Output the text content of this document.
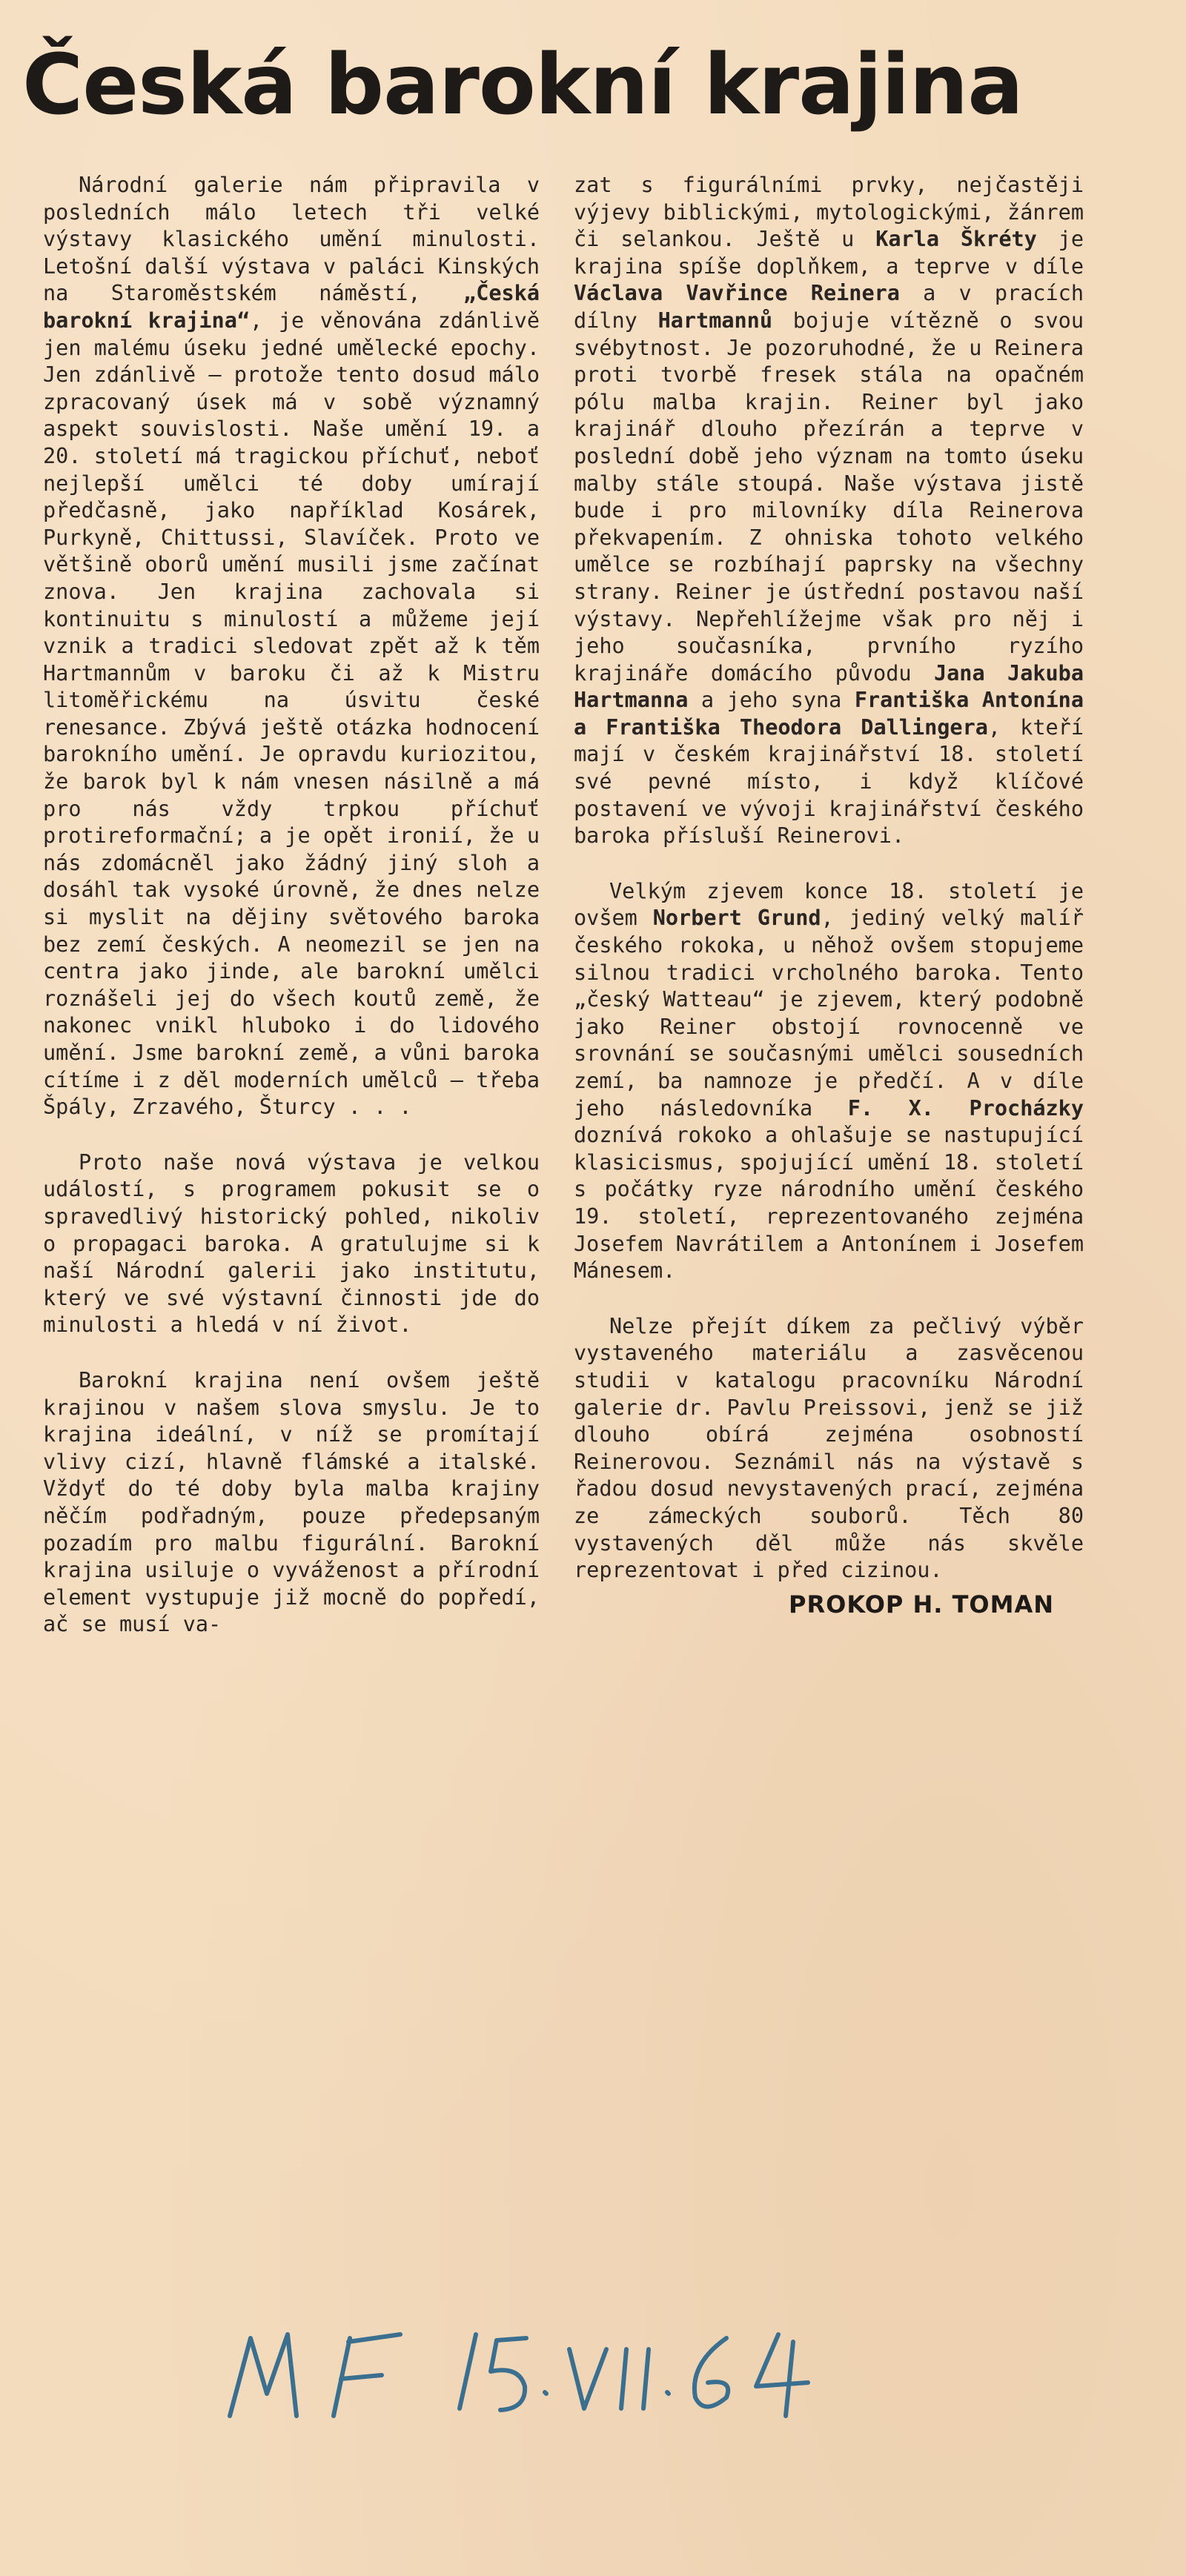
Česká barokní krajina

Národní galerie nám připravila v posledních málo letech tři velké výstavy klasického umění minulosti. Letošní další výstava v paláci Kinských na Staroměstském náměstí, „Česká barokní krajina“, je věnována zdánlivě jen malému úseku jedné umělecké epochy. Jen zdánlivě — protože tento dosud málo zpracovaný úsek má v sobě významný aspekt souvislosti. Naše umění 19. a 20. století má tragickou příchuť, neboť nejlepší umělci té doby umírají předčasně, jako například Kosárek, Purkyně, Chittussi, Slavíček. Proto ve většině oborů umění musili jsme začínat znova. Jen krajina zachovala si kontinuitu s minulostí a můžeme její vznik a tradici sledovat zpět až k těm Hartmannům v baroku či až k Mistru litoměřickému na úsvitu české renesance. Zbývá ještě otázka hodnocení barokního umění. Je opravdu kuriozitou, že barok byl k nám vnesen násilně a má pro nás vždy trpkou příchuť protireformační; a je opět ironií, že u nás zdomácněl jako žádný jiný sloh a dosáhl tak vysoké úrovně, že dnes nelze si myslit na dějiny světového baroka bez zemí českých. A neomezil se jen na centra jako jinde, ale barokní umělci roznášeli jej do všech koutů země, že nakonec vnikl hluboko i do lidového umění. Jsme barokní země, a vůni baroka cítíme i z děl moderních umělců — třeba Špály, Zrzavého, Šturcy . . .

Proto naše nová výstava je velkou událostí, s programem pokusit se o spravedlivý historický pohled, nikoliv o propagaci baroka. A gratulujme si k naší Národní galerii jako institutu, který ve své výstavní činnosti jde do minulosti a hledá v ní život.

Barokní krajina není ovšem ještě krajinou v našem slova smyslu. Je to krajina ideální, v níž se promítají vlivy cizí, hlavně flámské a italské. Vždyť do té doby byla malba krajiny něčím podřadným, pouze předepsaným pozadím pro malbu figurální. Barokní krajina usiluje o vyváženost a přírodní element vystupuje již mocně do popředí, ač se musí va-

zat s figurálními prvky, nejčastěji výjevy biblickými, mytologickými, žánrem či selankou. Ještě u Karla Škréty je krajina spíše doplňkem, a teprve v díle Václava Vavřince Reinera a v pracích dílny Hartmannů bojuje vítězně o svou svébytnost. Je pozoruhodné, že u Reinera proti tvorbě fresek stála na opačném pólu malba krajin. Reiner byl jako krajinář dlouho přezírán a teprve v poslední době jeho význam na tomto úseku malby stále stoupá. Naše výstava jistě bude i pro milovníky díla Reinerova překvapením. Z ohniska tohoto velkého umělce se rozbíhají paprsky na všechny strany. Reiner je ústřední postavou naší výstavy. Nepřehlížejme však pro něj i jeho současníka, prvního ryzího krajináře domácího původu Jana Jakuba Hartmanna a jeho syna Františka Antonína a Františka Theodora Dallingera, kteří mají v českém krajinářství 18. století své pevné místo, i když klíčové postavení ve vývoji krajinářství českého baroka přísluší Reinerovi.

Velkým zjevem konce 18. století je ovšem Norbert Grund, jediný velký malíř českého rokoka, u něhož ovšem stopujeme silnou tradici vrcholného baroka. Tento „český Watteau“ je zjevem, který podobně jako Reiner obstojí rovnocenně ve srovnání se současnými umělci sousedních zemí, ba namnoze je předčí. A v díle jeho následovníka F. X. Procházky doznívá rokoko a ohlašuje se nastupující klasicismus, spojující umění 18. století s počátky ryze národního umění českého 19. století, reprezentovaného zejména Josefem Navrátilem a Antonínem i Josefem Mánesem.

Nelze přejít díkem za pečlivý výběr vystaveného materiálu a zasvěcenou studii v katalogu pracovníku Národní galerie dr. Pavlu Preissovi, jenž se již dlouho obírá zejména osobností Reinerovou. Seznámil nás na výstavě s řadou dosud nevystavených prací, zejména ze zámeckých souborů. Těch 80 vystavených děl může nás skvěle reprezentovat i před cizinou.

PROKOP H. TOMAN
